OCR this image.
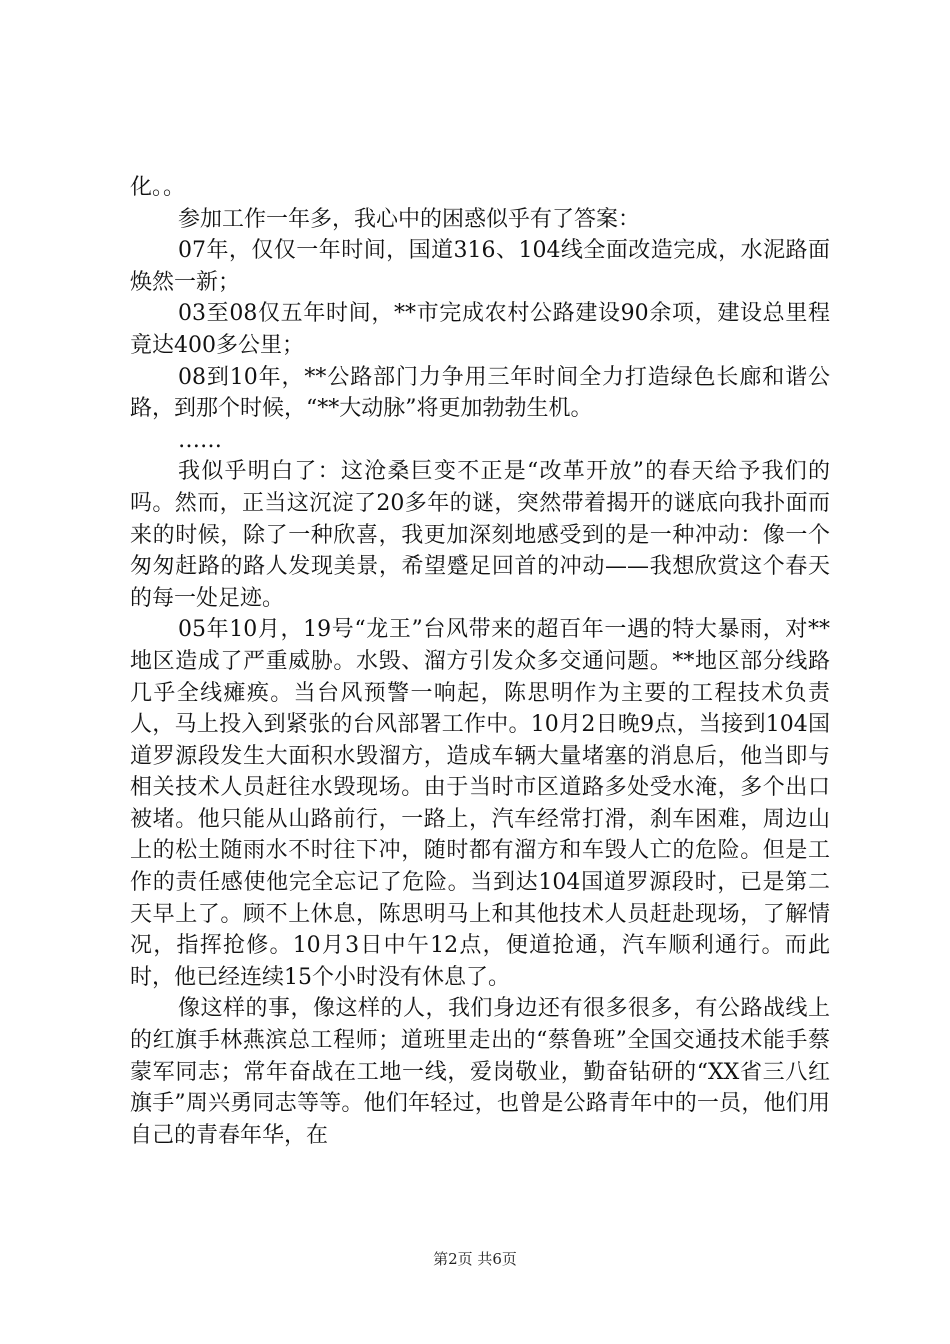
化。。

参加工作一年多，我心中的困惑似乎有了答案：

07年，仅仅一年时间，国道316、104线全面改造完成，水泥路面焕然一新；

03至08仅五年时间，**市完成农村公路建设90余项，建设总里程竟达400多公里；

08到10年，**公路部门力争用三年时间全力打造绿色长廊和谐公路，到那个时候，“**大动脉”将更加勃勃生机。

……

我似乎明白了：这沧桑巨变不正是“改革开放”的春天给予我们的吗。然而，正当这沉淀了20多年的谜，突然带着揭开的谜底向我扑面而来的时候，除了一种欣喜，我更加深刻地感受到的是一种冲动：像一个匆匆赶路的路人发现美景，希望蹙足回首的冲动——我想欣赏这个春天的每一处足迹。

05年10月，19号“龙王”台风带来的超百年一遇的特大暴雨，对**地区造成了严重威胁。水毁、溜方引发众多交通问题。**地区部分线路几乎全线瘫痪。当台风预警一响起，陈思明作为主要的工程技术负责人，马上投入到紧张的台风部署工作中。10月2日晚9点，当接到104国道罗源段发生大面积水毁溜方，造成车辆大量堵塞的消息后，他当即与相关技术人员赶往水毁现场。由于当时市区道路多处受水淹，多个出口被堵。他只能从山路前行，一路上，汽车经常打滑，刹车困难，周边山上的松土随雨水不时往下冲，随时都有溜方和车毁人亡的危险。但是工作的责任感使他完全忘记了危险。当到达104国道罗源段时，已是第二天早上了。顾不上休息，陈思明马上和其他技术人员赶赴现场，了解情况，指挥抢修。10月3日中午12点，便道抢通，汽车顺利通行。而此时，他已经连续15个小时没有休息了。

像这样的事，像这样的人，我们身边还有很多很多，有公路战线上的红旗手林燕滨总工程师；道班里走出的“蔡鲁班”全国交通技术能手蔡蒙军同志；常年奋战在工地一线，爱岗敬业，勤奋钻研的“XX省三八红旗手”周兴勇同志等等。他们年轻过，也曾是公路青年中的一员，他们用自己的青春年华，在

第2页 共6页
